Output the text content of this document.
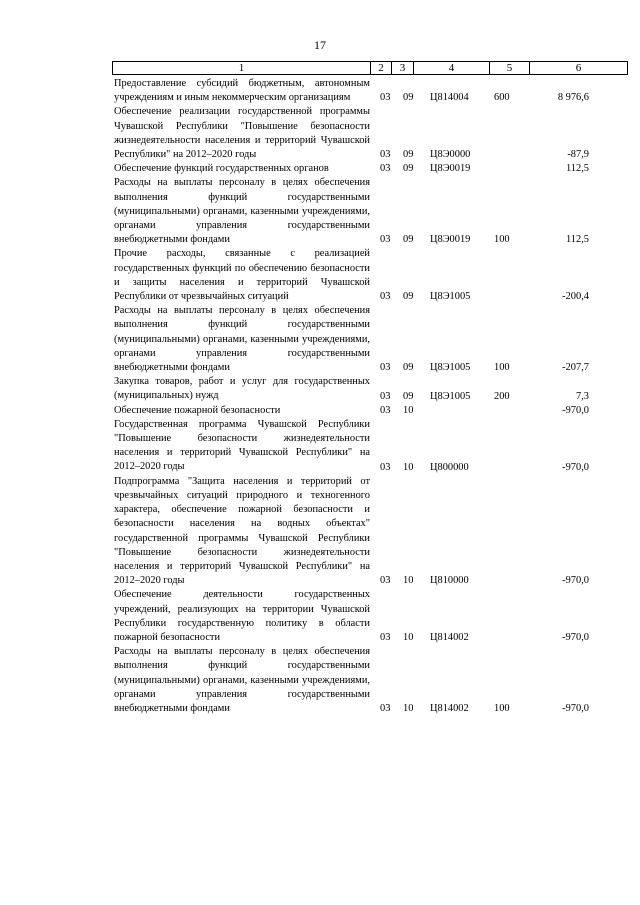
17
1	2	3	4	5	6
Предоставление субсидий бюджетным, автономным учреждениям и иным некоммерческим организациям	03 09 Ц814004 600	8 976,6
Обеспечение реализации государственной программы Чувашской Республики "Повышение безопасности жизнедеятельности населения и территорий Чувашской Республики" на 2012–2020 годы	03 09 Ц8Э0000	-87,9
Обеспечение функций государственных органов	03 09 Ц8Э0019	112,5
Расходы на выплаты персоналу в целях обеспечения выполнения функций государственными (муниципальными) органами, казенными учреждениями, органами управления государственными внебюджетными фондами	03 09 Ц8Э0019 100	112,5
Прочие расходы, связанные с реализацией государственных функций по обеспечению безопасности и защиты населения и территорий Чувашской Республики от чрезвычайных ситуаций	03 09 Ц8Э1005	-200,4
Расходы на выплаты персоналу в целях обеспечения выполнения функций государственными (муниципальными) органами, казенными учреждениями, органами управления государственными внебюджетными фондами	03 09 Ц8Э1005 100	-207,7
Закупка товаров, работ и услуг для государственных (муниципальных) нужд	03 09 Ц8Э1005 200	7,3
Обеспечение пожарной безопасности	03 10	-970,0
Государственная программа Чувашской Республики "Повышение безопасности жизнедеятельности населения и территорий Чувашской Республики" на 2012–2020 годы	03 10 Ц800000	-970,0
Подпрограмма "Защита населения и территорий от чрезвычайных ситуаций природного и техногенного характера, обеспечение пожарной безопасности и безопасности населения на водных объектах" государственной программы Чувашской Республики "Повышение безопасности жизнедеятельности населения и территорий Чувашской Республики" на 2012–2020 годы	03 10 Ц810000	-970,0
Обеспечение деятельности государственных учреждений, реализующих на территории Чувашской Республики государственную политику в области пожарной безопасности	03 10 Ц814002	-970,0
Расходы на выплаты персоналу в целях обеспечения выполнения функций государственными (муниципальными) органами, казенными учреждениями, органами управления государственными внебюджетными фондами	03 10 Ц814002 100	-970,0
